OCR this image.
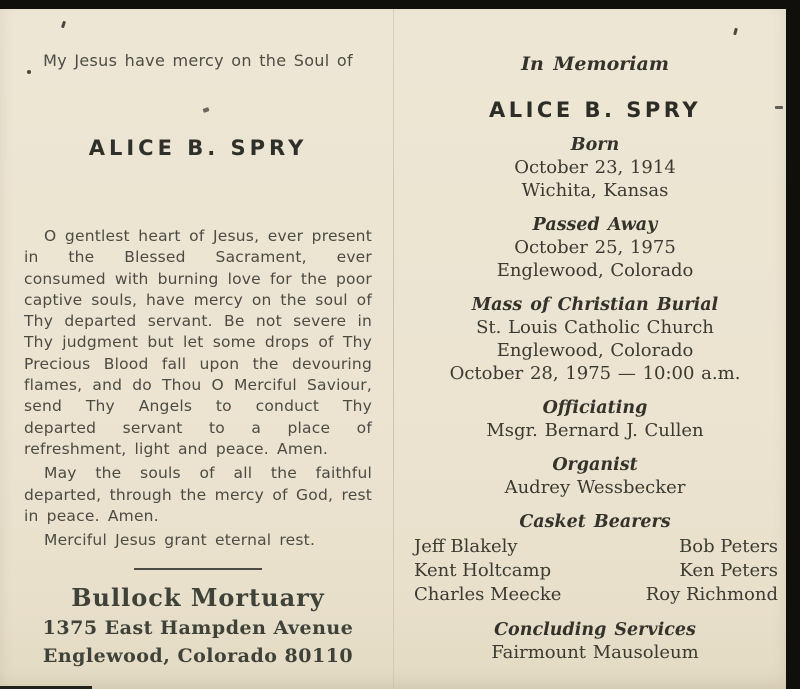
My Jesus have mercy on the Soul of
ALICE B. SPRY

O gentlest heart of Jesus, ever present in the Blessed Sacrament, ever consumed with burning love for the poor captive souls, have mercy on the soul of Thy departed servant. Be not severe in Thy judgment but let some drops of Thy Precious Blood fall upon the devouring flames, and do Thou O Merciful Saviour, send Thy Angels to conduct Thy departed servant to a place of refreshment, light and peace. Amen.

May the souls of all the faithful departed, through the mercy of God, rest in peace. Amen.

Merciful Jesus grant eternal rest.

Bullock Mortuary
1375 East Hampden Avenue
Englewood, Colorado 80110
In Memoriam
ALICE B. SPRY
Born
October 23, 1914
Wichita, Kansas
Passed Away
October 25, 1975
Englewood, Colorado
Mass of Christian Burial
St. Louis Catholic Church
Englewood, Colorado
October 28, 1975 — 10:00 a.m.
Officiating
Msgr. Bernard J. Cullen
Organist
Audrey Wessbecker
Casket Bearers
Jeff Blakely	Bob Peters
Kent Holtcamp	Ken Peters
Charles Meecke	Roy Richmond
Concluding Services
Fairmount Mausoleum
